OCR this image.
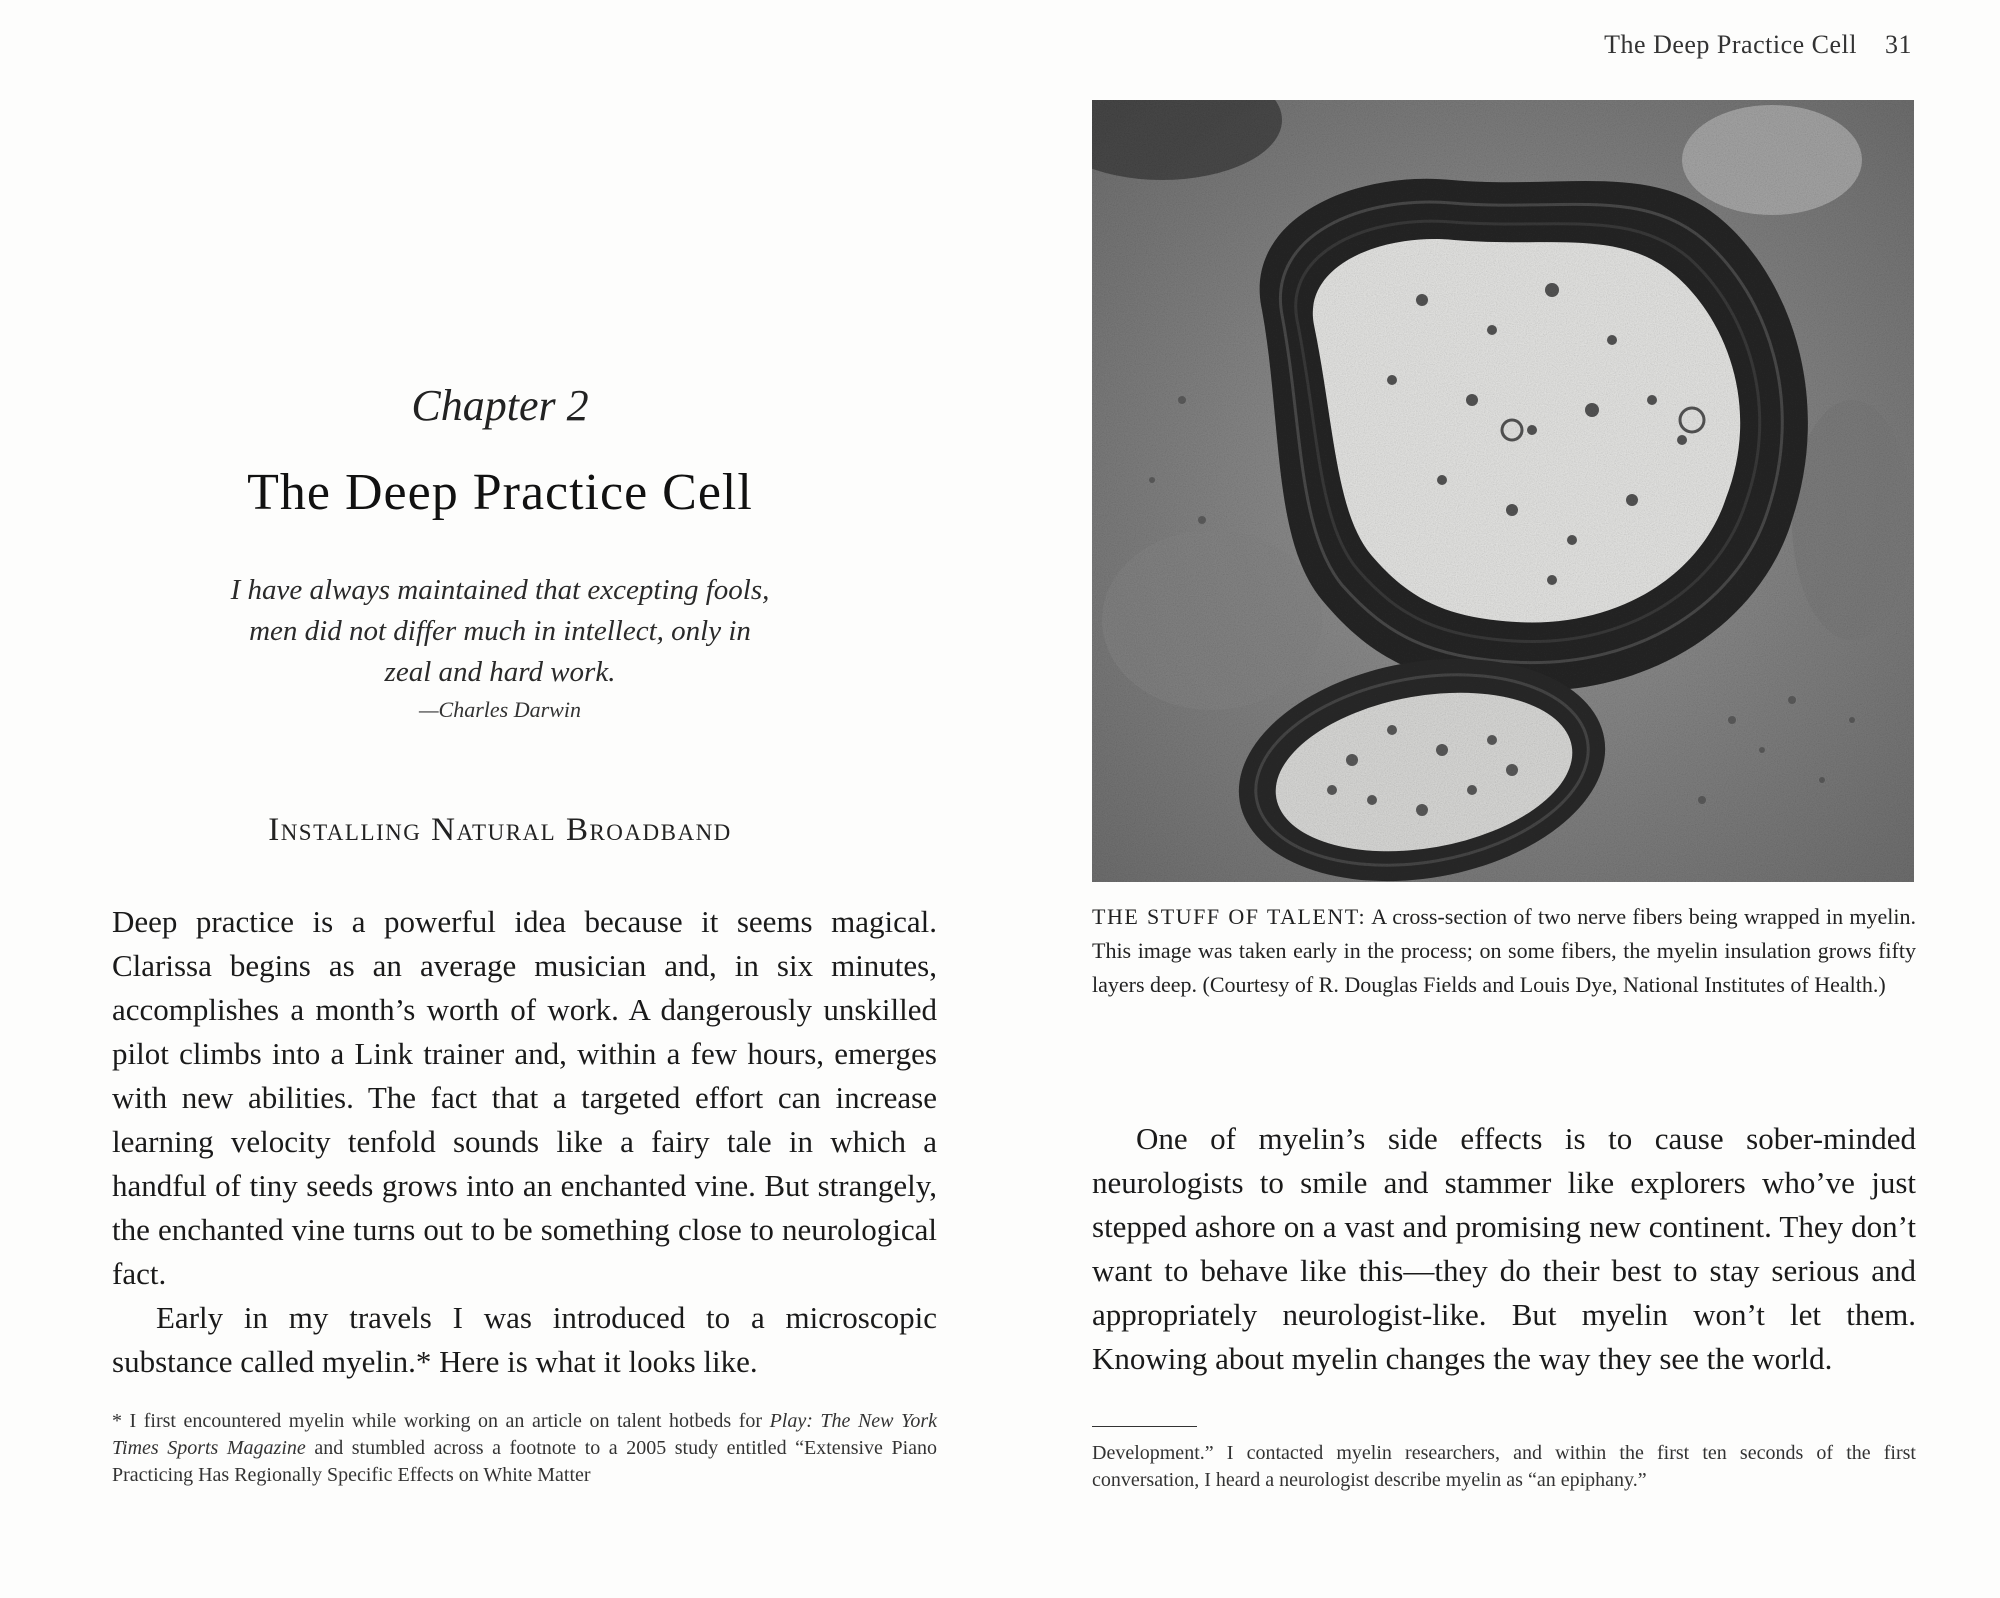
Chapter 2
The Deep Practice Cell
I have always maintained that excepting fools,
men did not differ much in intellect, only in
zeal and hard work.
—Charles Darwin
Installing Natural Broadband

Deep practice is a powerful idea because it seems magical. Clarissa begins as an average musician and, in six minutes, accomplishes a month’s worth of work. A dangerously unskilled pilot climbs into a Link trainer and, within a few hours, emerges with new abilities. The fact that a targeted effort can increase learning velocity tenfold sounds like a fairy tale in which a handful of tiny seeds grows into an enchanted vine. But strangely, the enchanted vine turns out to be something close to neurological fact.

Early in my travels I was introduced to a microscopic substance called myelin.* Here is what it looks like.

* I first encountered myelin while working on an article on talent hotbeds for Play: The New York Times Sports Magazine and stumbled across a footnote to a 2005 study entitled “Extensive Piano Practicing Has Regionally Specific Effects on White Matter

The Deep Practice Cell 31

THE STUFF OF TALENT: A cross-section of two nerve fibers being wrapped in myelin. This image was taken early in the process; on some fibers, the myelin insulation grows fifty layers deep. (Courtesy of R. Douglas Fields and Louis Dye, National Institutes of Health.)

One of myelin’s side effects is to cause sober-minded neurologists to smile and stammer like explorers who’ve just stepped ashore on a vast and promising new continent. They don’t want to behave like this—they do their best to stay serious and appropriately neurologist-like. But myelin won’t let them. Knowing about myelin changes the way they see the world.

Development.” I contacted myelin researchers, and within the first ten seconds of the first conversation, I heard a neurologist describe myelin as “an epiphany.”
